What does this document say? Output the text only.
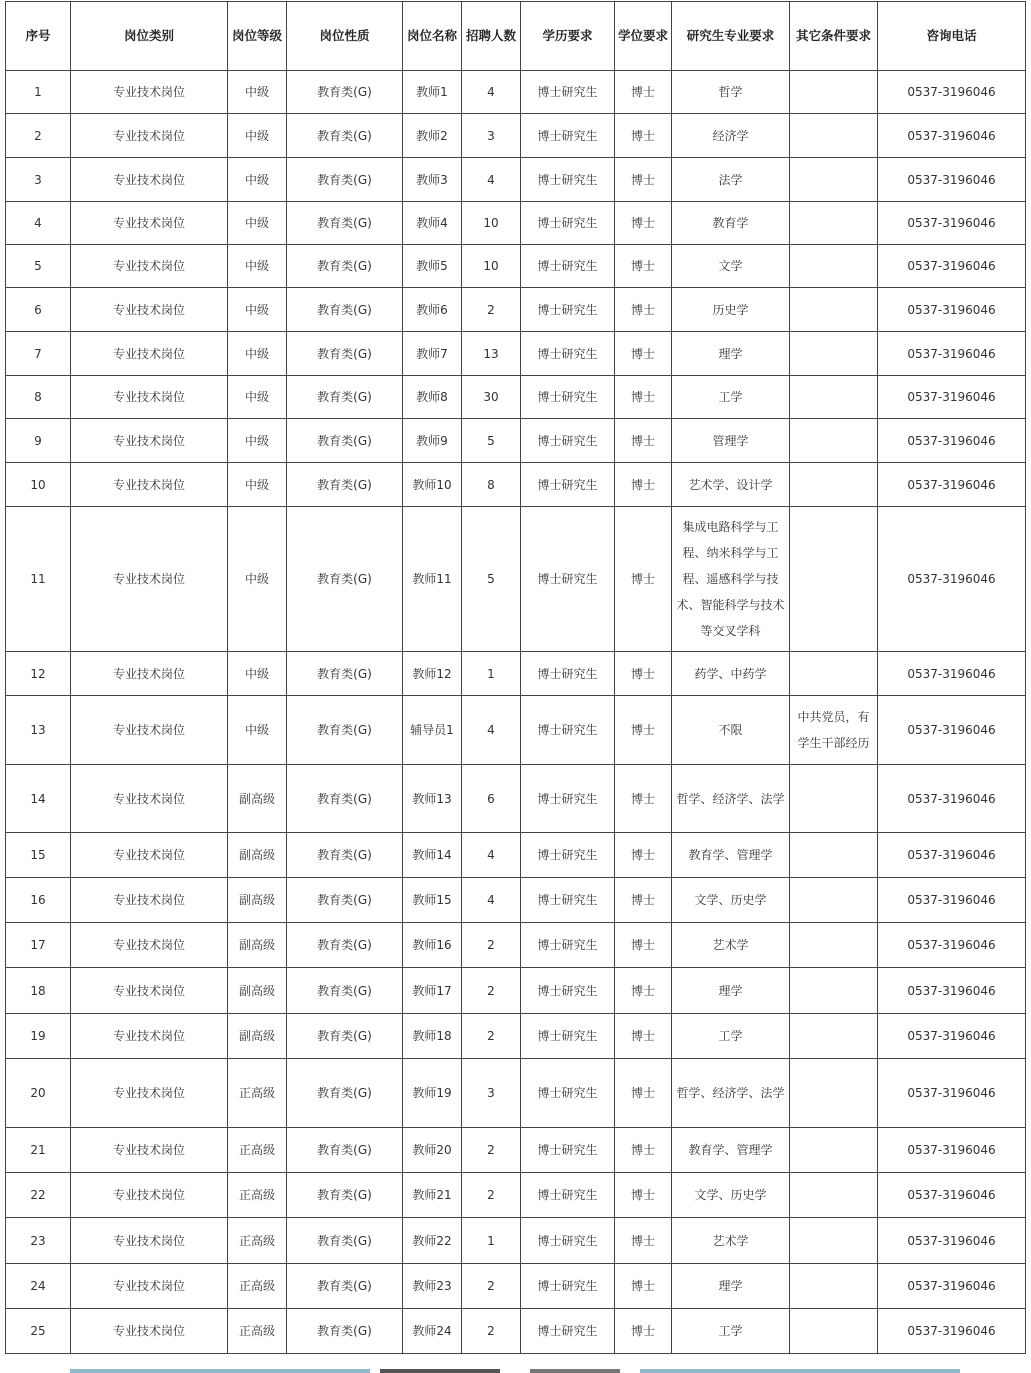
序号	岗位类别	岗位等级	岗位性质	岗位名称	招聘人数	学历要求	学位要求	研究生专业要求	其它条件要求	咨询电话
1	专业技术岗位	中级	教育类(G)	教师1	4	博士研究生	博士	哲学		0537-3196046
2	专业技术岗位	中级	教育类(G)	教师2	3	博士研究生	博士	经济学		0537-3196046
3	专业技术岗位	中级	教育类(G)	教师3	4	博士研究生	博士	法学		0537-3196046
4	专业技术岗位	中级	教育类(G)	教师4	10	博士研究生	博士	教育学		0537-3196046
5	专业技术岗位	中级	教育类(G)	教师5	10	博士研究生	博士	文学		0537-3196046
6	专业技术岗位	中级	教育类(G)	教师6	2	博士研究生	博士	历史学		0537-3196046
7	专业技术岗位	中级	教育类(G)	教师7	13	博士研究生	博士	理学		0537-3196046
8	专业技术岗位	中级	教育类(G)	教师8	30	博士研究生	博士	工学		0537-3196046
9	专业技术岗位	中级	教育类(G)	教师9	5	博士研究生	博士	管理学		0537-3196046
10	专业技术岗位	中级	教育类(G)	教师10	8	博士研究生	博士	艺术学、设计学		0537-3196046
11	专业技术岗位	中级	教育类(G)	教师11	5	博士研究生	博士	集成电路科学与工程、纳米科学与工程、遥感科学与技术、智能科学与技术等交叉学科		0537-3196046
12	专业技术岗位	中级	教育类(G)	教师12	1	博士研究生	博士	药学、中药学		0537-3196046
13	专业技术岗位	中级	教育类(G)	辅导员1	4	博士研究生	博士	不限	中共党员，有学生干部经历	0537-3196046
14	专业技术岗位	副高级	教育类(G)	教师13	6	博士研究生	博士	哲学、经济学、法学		0537-3196046
15	专业技术岗位	副高级	教育类(G)	教师14	4	博士研究生	博士	教育学、管理学		0537-3196046
16	专业技术岗位	副高级	教育类(G)	教师15	4	博士研究生	博士	文学、历史学		0537-3196046
17	专业技术岗位	副高级	教育类(G)	教师16	2	博士研究生	博士	艺术学		0537-3196046
18	专业技术岗位	副高级	教育类(G)	教师17	2	博士研究生	博士	理学		0537-3196046
19	专业技术岗位	副高级	教育类(G)	教师18	2	博士研究生	博士	工学		0537-3196046
20	专业技术岗位	正高级	教育类(G)	教师19	3	博士研究生	博士	哲学、经济学、法学		0537-3196046
21	专业技术岗位	正高级	教育类(G)	教师20	2	博士研究生	博士	教育学、管理学		0537-3196046
22	专业技术岗位	正高级	教育类(G)	教师21	2	博士研究生	博士	文学、历史学		0537-3196046
23	专业技术岗位	正高级	教育类(G)	教师22	1	博士研究生	博士	艺术学		0537-3196046
24	专业技术岗位	正高级	教育类(G)	教师23	2	博士研究生	博士	理学		0537-3196046
25	专业技术岗位	正高级	教育类(G)	教师24	2	博士研究生	博士	工学		0537-3196046
